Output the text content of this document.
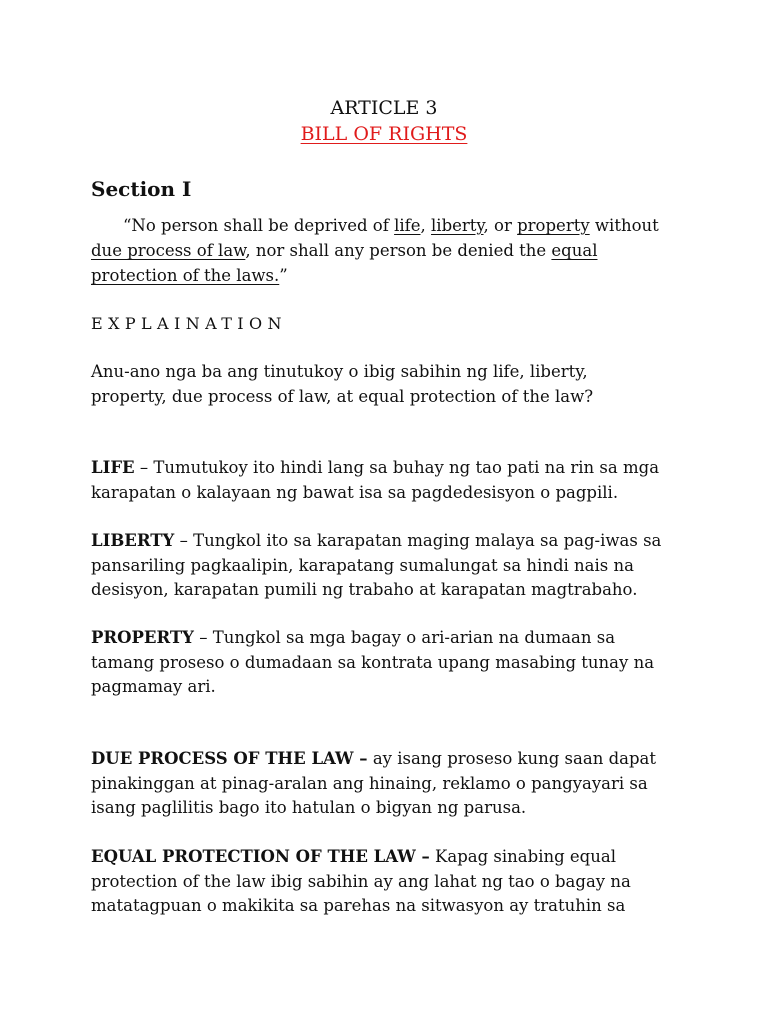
ARTICLE 3
BILL OF RIGHTS
Section I
“No person shall be deprived of life, liberty, or property without
due process of law, nor shall any person be denied the equal
protection of the laws.”
EXPLAINATION
Anu-ano nga ba ang tinutukoy o ibig sabihin ng life, liberty,
property, due process of law, at equal protection of the law?
LIFE – Tumutukoy ito hindi lang sa buhay ng tao pati na rin sa mga
karapatan o kalayaan ng bawat isa sa pagdedesisyon o pagpili.
LIBERTY – Tungkol ito sa karapatan maging malaya sa pag-iwas sa
pansariling pagkaalipin, karapatang sumalungat sa hindi nais na
desisyon, karapatan pumili ng trabaho at karapatan magtrabaho.
PROPERTY – Tungkol sa mga bagay o ari-arian na dumaan sa
tamang proseso o dumadaan sa kontrata upang masabing tunay na
pagmamay ari.
DUE PROCESS OF THE LAW – ay isang proseso kung saan dapat
pinakinggan at pinag-aralan ang hinaing, reklamo o pangyayari sa
isang paglilitis bago ito hatulan o bigyan ng parusa.
EQUAL PROTECTION OF THE LAW – Kapag sinabing equal
protection of the law ibig sabihin ay ang lahat ng tao o bagay na
matatagpuan o makikita sa parehas na sitwasyon ay tratuhin sa
